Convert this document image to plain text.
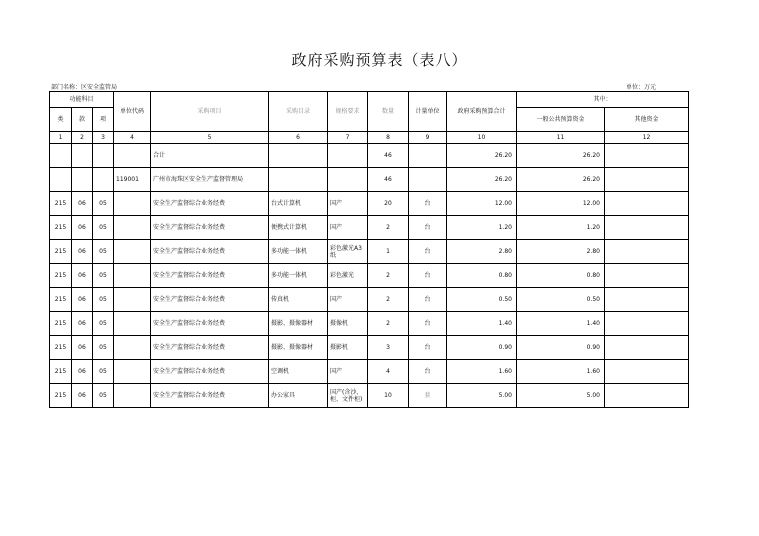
政府采购预算表（表八）
部门名称：区安全监管局	单位：万元
功能科目			单位代码	采购项目	采购目录	规格要求	数量	计量单位	政府采购预算合计	其中：	
类	款	项								一般公共预算资金	其他资金
1	2	3	4	5	6	7	8	9	10	11	12
				合计			46		26.20	26.20	
			119001	广州市海珠区安全生产监督管理局			46		26.20	26.20	
215	06	05		安全生产监督综合业务经费	台式计算机	国产	20	台	12.00	12.00	
215	06	05		安全生产监督综合业务经费	便携式计算机	国产	2	台	1.20	1.20	
215	06	05		安全生产监督综合业务经费	多功能一体机	彩色激光A3纸	1	台	2.80	2.80	
215	06	05		安全生产监督综合业务经费	多功能一体机	彩色激光	2	台	0.80	0.80	
215	06	05		安全生产监督综合业务经费	传真机	国产	2	台	0.50	0.50	
215	06	05		安全生产监督综合业务经费	摄影、摄像器材	摄像机	2	台	1.40	1.40	
215	06	05		安全生产监督综合业务经费	摄影、摄像器材	摄影机	3	台	0.90	0.90	
215	06	05		安全生产监督综合业务经费	空调机	国产	4	台	1.60	1.60	
215	06	05		安全生产监督综合业务经费	办公家具	国产(含沙、柜、文件柜)	10	套	5.00	5.00	
